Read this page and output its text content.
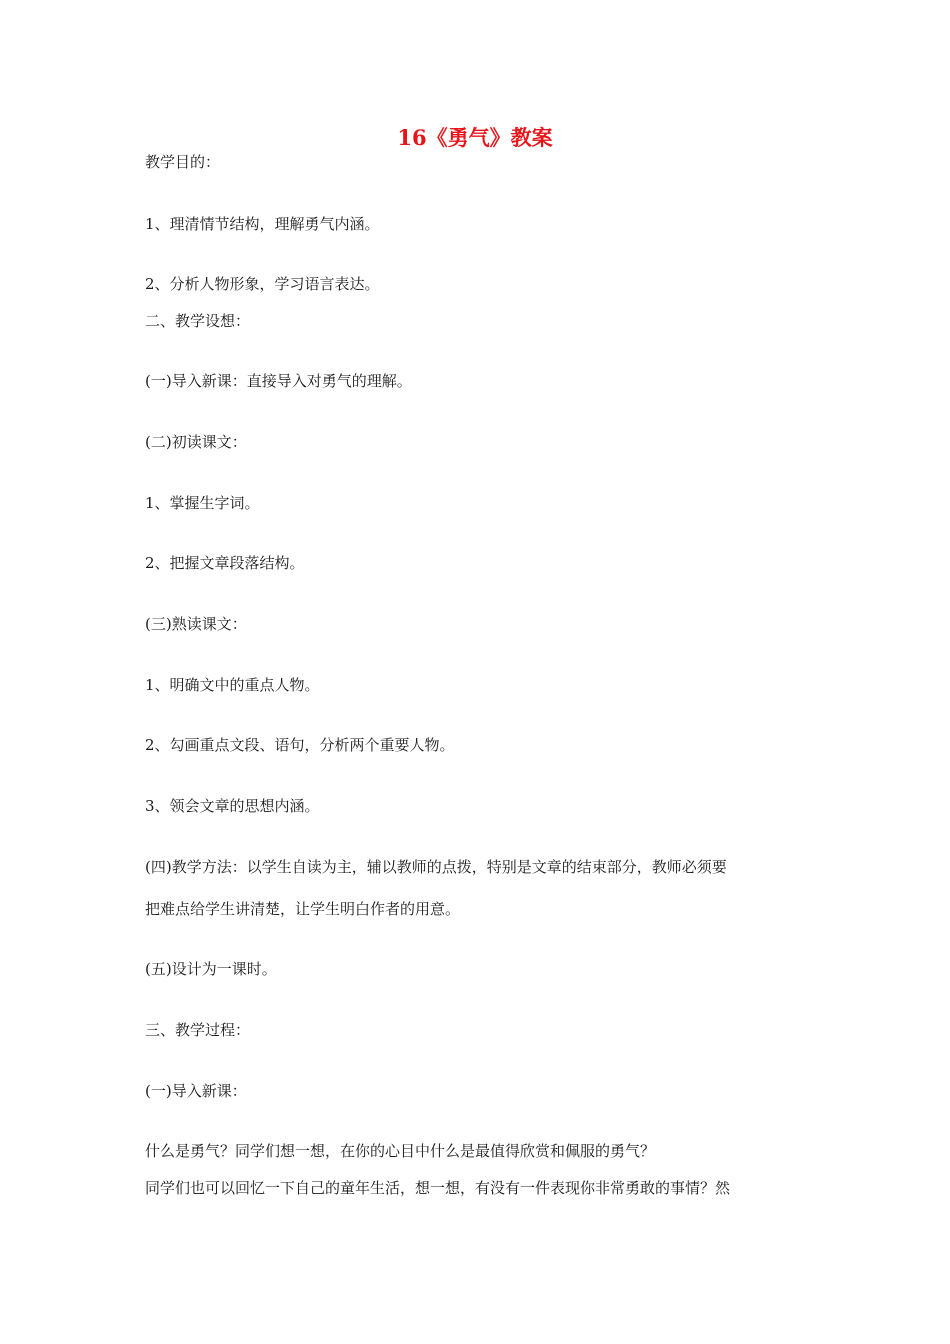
16《勇气》教案
教学目的：
1、理清情节结构，理解勇气内涵。
2、分析人物形象，学习语言表达。
二、教学设想：
(一)导入新课：直接导入对勇气的理解。
(二)初读课文：
1、掌握生字词。
2、把握文章段落结构。
(三)熟读课文：
1、明确文中的重点人物。
2、勾画重点文段、语句，分析两个重要人物。
3、领会文章的思想内涵。
(四)教学方法：以学生自读为主，辅以教师的点拨，特别是文章的结束部分，教师必须要
把难点给学生讲清楚，让学生明白作者的用意。
(五)设计为一课时。
三、教学过程：
(一)导入新课：
什么是勇气？同学们想一想，在你的心目中什么是最值得欣赏和佩服的勇气？
同学们也可以回忆一下自己的童年生活，想一想，有没有一件表现你非常勇敢的事情？然
